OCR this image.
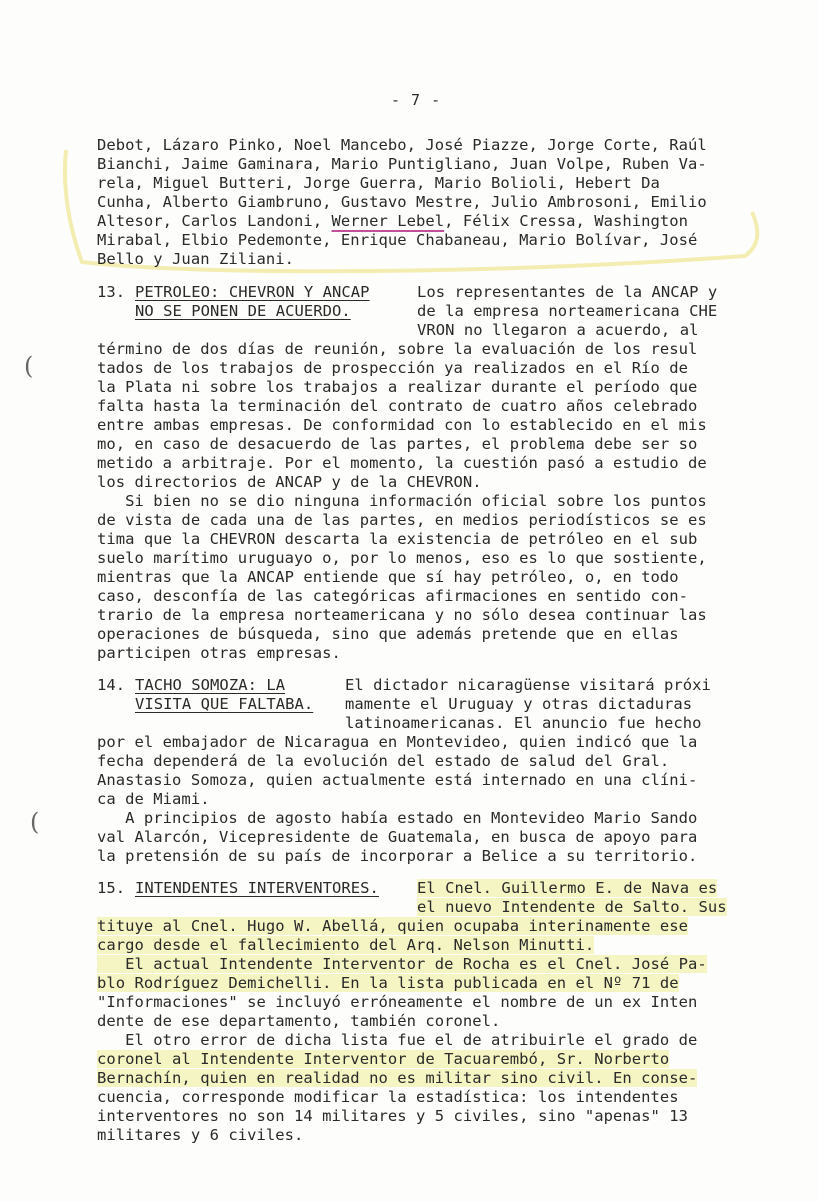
- 7 -
Debot, Lázaro Pinko, Noel Mancebo, José Piazze, Jorge Corte, Raúl
Bianchi, Jaime Gaminara, Mario Puntigliano, Juan Volpe, Ruben Va-
rela, Miguel Butteri, Jorge Guerra, Mario Bolioli, Hebert Da
Cunha, Alberto Giambruno, Gustavo Mestre, Julio Ambrosoni, Emilio
Altesor, Carlos Landoni, Werner Lebel, Félix Cressa, Washington
Mirabal, Elbio Pedemonte, Enrique Chabaneau, Mario Bolívar, José
Bello y Juan Ziliani.
13. PETROLEO: CHEVRON Y ANCAP
NO SE PONEN DE ACUERDO.
Los representantes de la ANCAP y
de la empresa norteamericana CHE
VRON no llegaron a acuerdo, al
término de dos días de reunión, sobre la evaluación de los resul
tados de los trabajos de prospección ya realizados en el Río de
la Plata ni sobre los trabajos a realizar durante el período que
falta hasta la terminación del contrato de cuatro años celebrado
entre ambas empresas. De conformidad con lo establecido en el mis
mo, en caso de desacuerdo de las partes, el problema debe ser so
metido a arbitraje. Por el momento, la cuestión pasó a estudio de
los directorios de ANCAP y de la CHEVRON.
Si bien no se dio ninguna información oficial sobre los puntos
de vista de cada una de las partes, en medios periodísticos se es
tima que la CHEVRON descarta la existencia de petróleo en el sub
suelo marítimo uruguayo o, por lo menos, eso es lo que sostiente,
mientras que la ANCAP entiende que sí hay petróleo, o, en todo
caso, desconfía de las categóricas afirmaciones en sentido con-
trario de la empresa norteamericana y no sólo desea continuar las
operaciones de búsqueda, sino que además pretende que en ellas
participen otras empresas.
14. TACHO SOMOZA: LA
VISITA QUE FALTABA.
El dictador nicaragüense visitará próxi
mamente el Uruguay y otras dictaduras
latinoamericanas. El anuncio fue hecho
por el embajador de Nicaragua en Montevideo, quien indicó que la
fecha dependerá de la evolución del estado de salud del Gral.
Anastasio Somoza, quien actualmente está internado en una clíni-
ca de Miami.
A principios de agosto había estado en Montevideo Mario Sando
val Alarcón, Vicepresidente de Guatemala, en busca de apoyo para
la pretensión de su país de incorporar a Belice a su territorio.
15. INTENDENTES INTERVENTORES. El Cnel. Guillermo E. de Nava es
el nuevo Intendente de Salto. Sus
tituye al Cnel. Hugo W. Abellá, quien ocupaba interinamente ese
cargo desde el fallecimiento del Arq. Nelson Minutti.
El actual Intendente Interventor de Rocha es el Cnel. José Pa-
blo Rodríguez Demichelli. En la lista publicada en el Nº 71 de
"Informaciones" se incluyó erróneamente el nombre de un ex Inten
dente de ese departamento, también coronel.
El otro error de dicha lista fue el de atribuirle el grado de
coronel al Intendente Interventor de Tacuarembó, Sr. Norberto
Bernachín, quien en realidad no es militar sino civil. En conse-
cuencia, corresponde modificar la estadística: los intendentes
interventores no son 14 militares y 5 civiles, sino "apenas" 13
militares y 6 civiles.
(
(
